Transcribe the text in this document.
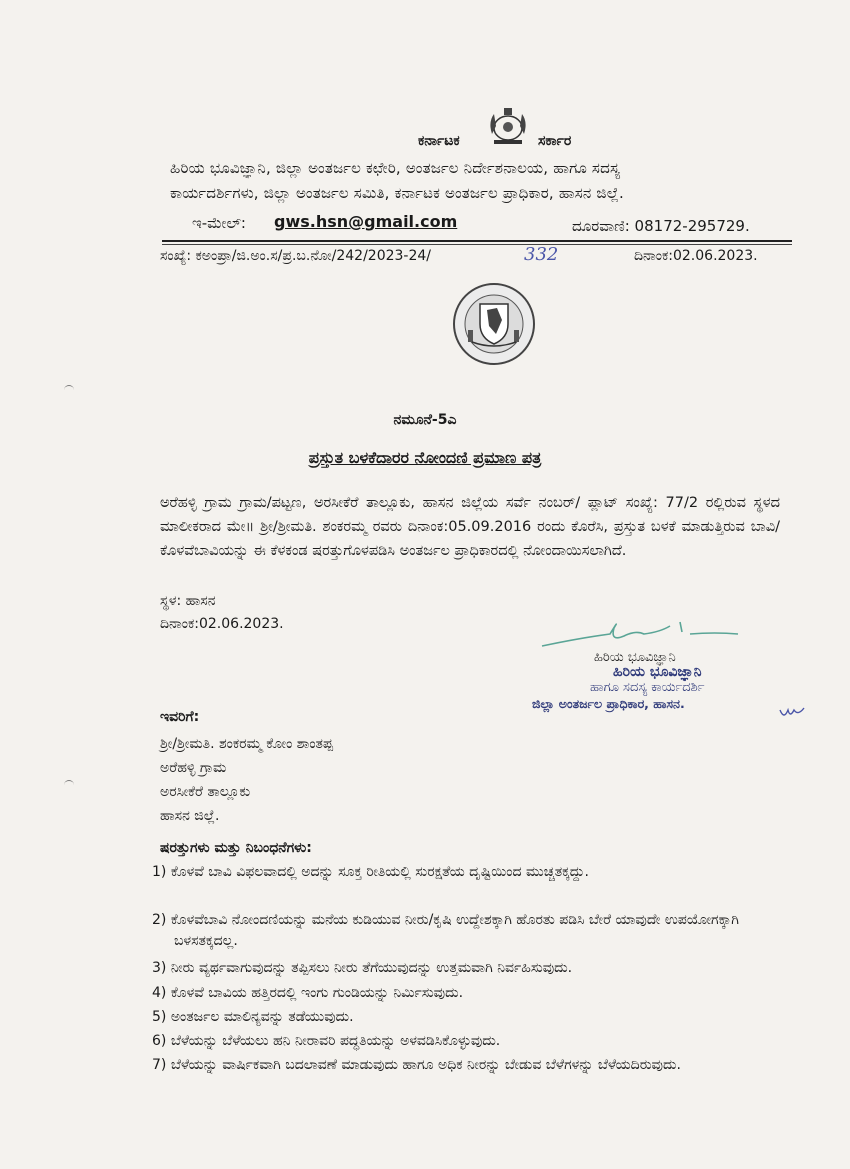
ಕರ್ನಾಟಕ	ಸರ್ಕಾರ
ಹಿರಿಯ ಭೂವಿಜ್ಞಾನಿ, ಜಿಲ್ಲಾ ಅಂತರ್ಜಲ ಕಛೇರಿ, ಅಂತರ್ಜಲ ನಿರ್ದೇಶನಾಲಯ, ಹಾಗೂ ಸದಸ್ಯ
ಕಾರ್ಯದರ್ಶಿಗಳು, ಜಿಲ್ಲಾ ಅಂತರ್ಜಲ ಸಮಿತಿ, ಕರ್ನಾಟಕ ಅಂತರ್ಜಲ ಪ್ರಾಧಿಕಾರ, ಹಾಸನ ಜಿಲ್ಲೆ.
ಇ-ಮೇಲ್: gws.hsn@gmail.com	ದೂರವಾಣಿ: 08172-295729.
ಸಂಖ್ಯೆ: ಕಅಂಪ್ರಾ/ಜಿ.ಅಂ.ಸ/ಪ್ರ.ಬ.ನೋ/242/2023-24/	332	ದಿನಾಂಕ:02.06.2023.
ನಮೂನೆ-5ಎ
ಪ್ರಸ್ತುತ ಬಳಕೆದಾರರ ನೋಂದಣಿ ಪ್ರಮಾಣ ಪತ್ರ
ಅರೆಹಳ್ಳಿ ಗ್ರಾಮ ಗ್ರಾಮ/ಪಟ್ಟಣ, ಅರಸೀಕೆರೆ ತಾಲ್ಲೂಕು, ಹಾಸನ ಜಿಲ್ಲೆಯ ಸರ್ವೆ ನಂಬರ್/ ಪ್ಲಾಟ್ ಸಂಖ್ಯೆ: 77/2 ರಲ್ಲಿರುವ ಸ್ಥಳದ ಮಾಲೀಕರಾದ ಮೇ॥ ಶ್ರೀ/ಶ್ರೀಮತಿ. ಶಂಕರಮ್ಮ ರವರು ದಿನಾಂಕ:05.09.2016 ರಂದು ಕೊರೆಸಿ, ಪ್ರಸ್ತುತ ಬಳಕೆ ಮಾಡುತ್ತಿರುವ ಬಾವಿ/ಕೊಳವೆಬಾವಿಯನ್ನು ಈ ಕೆಳಕಂಡ ಷರತ್ತುಗೊಳಪಡಿಸಿ ಅಂತರ್ಜಲ ಪ್ರಾಧಿಕಾರದಲ್ಲಿ ನೋಂದಾಯಿಸಲಾಗಿದೆ.
ಸ್ಥಳ: ಹಾಸನ
ದಿನಾಂಕ:02.06.2023.
ಹಿರಿಯ ಭೂವಿಜ್ಞಾನಿ
ಹಿರಿಯ ಭೂವಿಜ್ಞಾನಿ
ಹಾಗೂ ಸದಸ್ಯ ಕಾರ್ಯದರ್ಶಿ
ಜಿಲ್ಲಾ ಅಂತರ್ಜಲ ಪ್ರಾಧಿಕಾರ, ಹಾಸನ.
ಇವರಿಗೆ:
ಶ್ರೀ/ಶ್ರೀಮತಿ. ಶಂಕರಮ್ಮ ಕೋಂ ಶಾಂತಪ್ಪ
ಅರೆಹಳ್ಳಿ ಗ್ರಾಮ
ಅರಸೀಕೆರೆ ತಾಲ್ಲೂಕು
ಹಾಸನ ಜಿಲ್ಲೆ.
ಷರತ್ತುಗಳು ಮತ್ತು ನಿಬಂಧನೆಗಳು:
1) ಕೊಳವೆ ಬಾವಿ ವಿಫಲವಾದಲ್ಲಿ ಅದನ್ನು ಸೂಕ್ತ ರೀತಿಯಲ್ಲಿ ಸುರಕ್ಷತೆಯ ದೃಷ್ಟಿಯಿಂದ ಮುಚ್ಚತಕ್ಕದ್ದು.
2) ಕೊಳವೆಬಾವಿ ನೋಂದಣಿಯನ್ನು ಮನೆಯ ಕುಡಿಯುವ ನೀರು/ಕೃಷಿ ಉದ್ದೇಶಕ್ಕಾಗಿ ಹೊರತು ಪಡಿಸಿ ಬೇರೆ ಯಾವುದೇ ಉಪಯೋಗಕ್ಕಾಗಿ ಬಳಸತಕ್ಕದಲ್ಲ.
3) ನೀರು ವ್ಯರ್ಥವಾಗುವುದನ್ನು ತಪ್ಪಿಸಲು ನೀರು ತೆಗೆಯುವುದನ್ನು ಉತ್ತಮವಾಗಿ ನಿರ್ವಹಿಸುವುದು.
4) ಕೊಳವೆ ಬಾವಿಯ ಹತ್ತಿರದಲ್ಲಿ ಇಂಗು ಗುಂಡಿಯನ್ನು ನಿರ್ಮಿಸುವುದು.
5) ಅಂತರ್ಜಲ ಮಾಲಿನ್ಯವನ್ನು ತಡೆಯುವುದು.
6) ಬೆಳೆಯನ್ನು ಬೆಳೆಯಲು ಹನಿ ನೀರಾವರಿ ಪದ್ಧತಿಯನ್ನು ಅಳವಡಿಸಿಕೊಳ್ಳುವುದು.
7) ಬೆಳೆಯನ್ನು ವಾರ್ಷಿಕವಾಗಿ ಬದಲಾವಣೆ ಮಾಡುವುದು ಹಾಗೂ ಅಧಿಕ ನೀರನ್ನು ಬೇಡುವ ಬೆಳೆಗಳನ್ನು ಬೆಳೆಯದಿರುವುದು.
